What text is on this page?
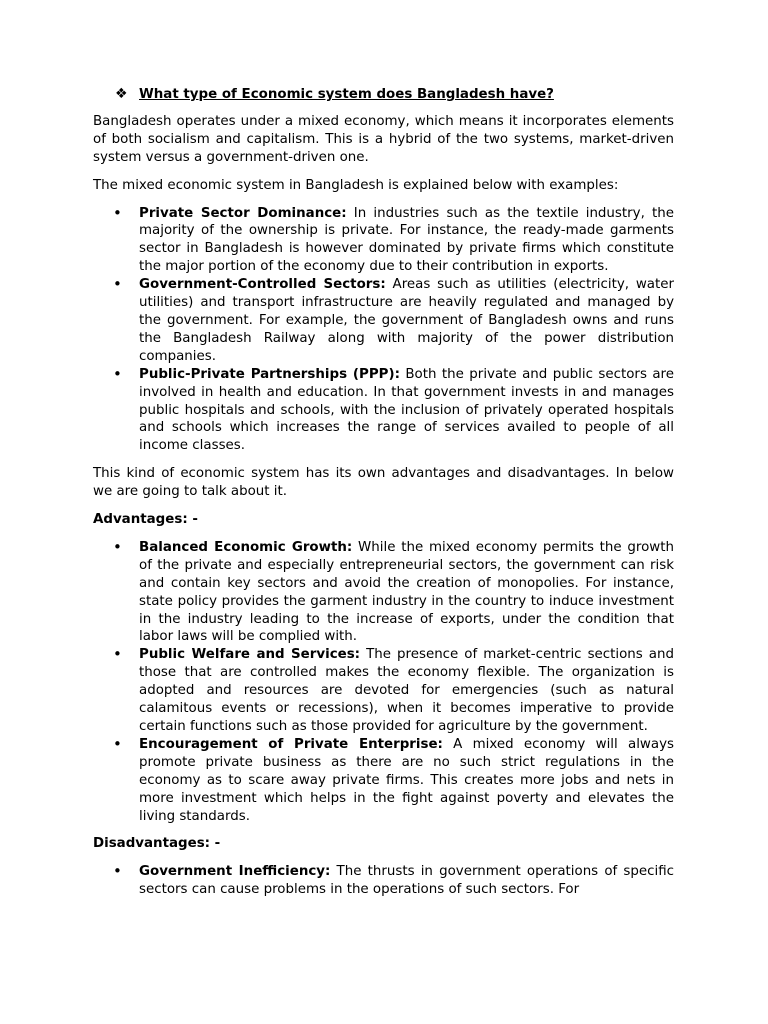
❖ What type of Economic system does Bangladesh have?

Bangladesh operates under a mixed economy, which means it incorporates elements of both socialism and capitalism. This is a hybrid of the two systems, market-driven system versus a government-driven one.

The mixed economic system in Bangladesh is explained below with examples:

• Private Sector Dominance: In industries such as the textile industry, the majority of the ownership is private. For instance, the ready-made garments sector in Bangladesh is however dominated by private firms which constitute the major portion of the economy due to their contribution in exports.
• Government-Controlled Sectors: Areas such as utilities (electricity, water utilities) and transport infrastructure are heavily regulated and managed by the government. For example, the government of Bangladesh owns and runs the Bangladesh Railway along with majority of the power distribution companies.
• Public-Private Partnerships (PPP): Both the private and public sectors are involved in health and education. In that government invests in and manages public hospitals and schools, with the inclusion of privately operated hospitals and schools which increases the range of services availed to people of all income classes.

This kind of economic system has its own advantages and disadvantages. In below we are going to talk about it.

Advantages: -
• Balanced Economic Growth: While the mixed economy permits the growth of the private and especially entrepreneurial sectors, the government can risk and contain key sectors and avoid the creation of monopolies. For instance, state policy provides the garment industry in the country to induce investment in the industry leading to the increase of exports, under the condition that labor laws will be complied with.
• Public Welfare and Services: The presence of market-centric sections and those that are controlled makes the economy flexible. The organization is adopted and resources are devoted for emergencies (such as natural calamitous events or recessions), when it becomes imperative to provide certain functions such as those provided for agriculture by the government.
• Encouragement of Private Enterprise: A mixed economy will always promote private business as there are no such strict regulations in the economy as to scare away private firms. This creates more jobs and nets in more investment which helps in the fight against poverty and elevates the living standards.
Disadvantages: -
• Government Inefficiency: The thrusts in government operations of specific sectors can cause problems in the operations of such sectors. For
